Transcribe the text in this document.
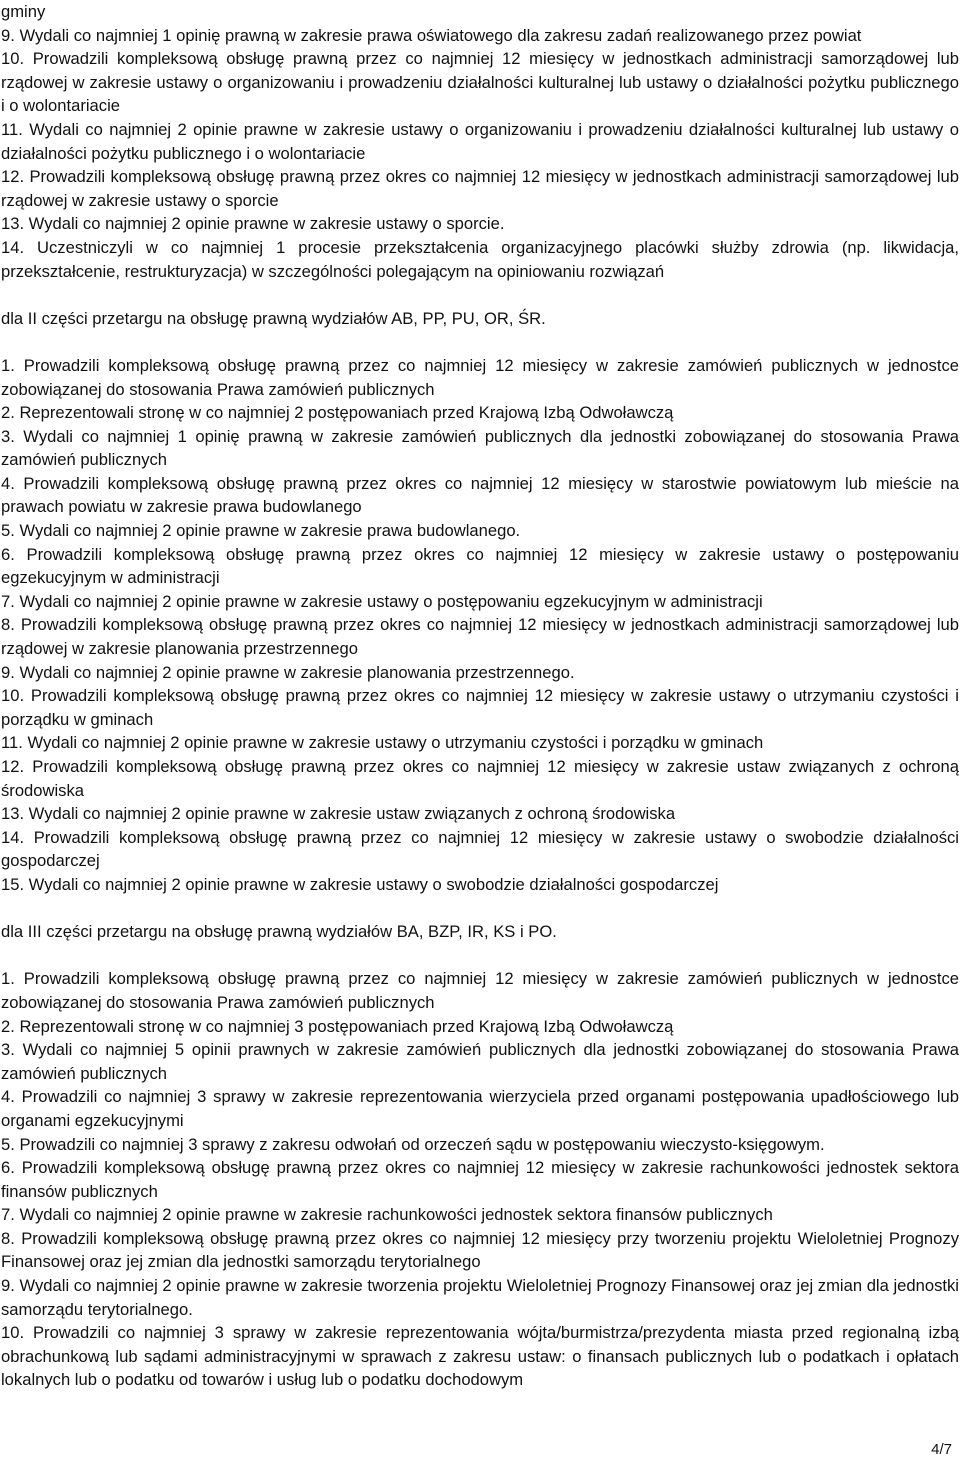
gminy
9. Wydali co najmniej 1 opinię prawną w zakresie prawa oświatowego dla zakresu zadań realizowanego przez powiat
10. Prowadzili kompleksową obsługę prawną przez co najmniej 12 miesięcy w jednostkach administracji samorządowej lub rządowej w zakresie ustawy o organizowaniu i prowadzeniu działalności kulturalnej lub ustawy o działalności pożytku publicznego i o wolontariacie
11. Wydali co najmniej 2 opinie prawne w zakresie ustawy o organizowaniu i prowadzeniu działalności kulturalnej lub ustawy o działalności pożytku publicznego i o wolontariacie
12. Prowadzili kompleksową obsługę prawną przez okres co najmniej 12 miesięcy w jednostkach administracji samorządowej lub rządowej w zakresie ustawy o sporcie
13. Wydali co najmniej 2 opinie prawne w zakresie ustawy o sporcie.
14. Uczestniczyli w co najmniej 1 procesie przekształcenia organizacyjnego placówki służby zdrowia (np. likwidacja, przekształcenie, restrukturyzacja) w szczególności polegającym na opiniowaniu rozwiązań
dla II części przetargu na obsługę prawną wydziałów AB, PP, PU, OR, ŚR.
1. Prowadzili kompleksową obsługę prawną przez co najmniej 12 miesięcy w zakresie zamówień publicznych w jednostce zobowiązanej do stosowania Prawa zamówień publicznych
2. Reprezentowali stronę w co najmniej 2 postępowaniach przed Krajową Izbą Odwoławczą
3. Wydali co najmniej 1 opinię prawną w zakresie zamówień publicznych dla jednostki zobowiązanej do stosowania Prawa zamówień publicznych
4. Prowadzili kompleksową obsługę prawną przez okres co najmniej 12 miesięcy w starostwie powiatowym lub mieście na prawach powiatu w zakresie prawa budowlanego
5. Wydali co najmniej 2 opinie prawne w zakresie prawa budowlanego.
6. Prowadzili kompleksową obsługę prawną przez okres co najmniej 12 miesięcy w zakresie ustawy o postępowaniu egzekucyjnym w administracji
7. Wydali co najmniej 2 opinie prawne w zakresie ustawy o postępowaniu egzekucyjnym w administracji
8. Prowadzili kompleksową obsługę prawną przez okres co najmniej 12 miesięcy w jednostkach administracji samorządowej lub rządowej w zakresie planowania przestrzennego
9. Wydali co najmniej 2 opinie prawne w zakresie planowania przestrzennego.
10. Prowadzili kompleksową obsługę prawną przez okres co najmniej 12 miesięcy w zakresie ustawy o utrzymaniu czystości i porządku w gminach
11. Wydali co najmniej 2 opinie prawne w zakresie ustawy o utrzymaniu czystości i porządku w gminach
12. Prowadzili kompleksową obsługę prawną przez okres co najmniej 12 miesięcy w zakresie ustaw związanych z ochroną środowiska
13. Wydali co najmniej 2 opinie prawne w zakresie ustaw związanych z ochroną środowiska
14. Prowadzili kompleksową obsługę prawną przez co najmniej 12 miesięcy w zakresie ustawy o swobodzie działalności gospodarczej
15. Wydali co najmniej 2 opinie prawne w zakresie ustawy o swobodzie działalności gospodarczej
dla III części przetargu na obsługę prawną wydziałów BA, BZP, IR, KS i PO.
1. Prowadzili kompleksową obsługę prawną przez co najmniej 12 miesięcy w zakresie zamówień publicznych w jednostce zobowiązanej do stosowania Prawa zamówień publicznych
2. Reprezentowali stronę w co najmniej 3 postępowaniach przed Krajową Izbą Odwoławczą
3. Wydali co najmniej 5 opinii prawnych w zakresie zamówień publicznych dla jednostki zobowiązanej do stosowania Prawa zamówień publicznych
4. Prowadzili co najmniej 3 sprawy w zakresie reprezentowania wierzyciela przed organami postępowania upadłościowego lub organami egzekucyjnymi
5. Prowadzili co najmniej 3 sprawy z zakresu odwołań od orzeczeń sądu w postępowaniu wieczysto-księgowym.
6. Prowadzili kompleksową obsługę prawną przez okres co najmniej 12 miesięcy w zakresie rachunkowości jednostek sektora finansów publicznych
7. Wydali co najmniej 2 opinie prawne w zakresie rachunkowości jednostek sektora finansów publicznych
8. Prowadzili kompleksową obsługę prawną przez okres co najmniej 12 miesięcy przy tworzeniu projektu Wieloletniej Prognozy Finansowej oraz jej zmian dla jednostki samorządu terytorialnego
9. Wydali co najmniej 2 opinie prawne w zakresie tworzenia projektu Wieloletniej Prognozy Finansowej oraz jej zmian dla jednostki samorządu terytorialnego.
10. Prowadzili co najmniej 3 sprawy w zakresie reprezentowania wójta/burmistrza/prezydenta miasta przed regionalną izbą obrachunkową lub sądami administracyjnymi w sprawach z zakresu ustaw: o finansach publicznych lub o podatkach i opłatach lokalnych lub o podatku od towarów i usług lub o podatku dochodowym
4/7
